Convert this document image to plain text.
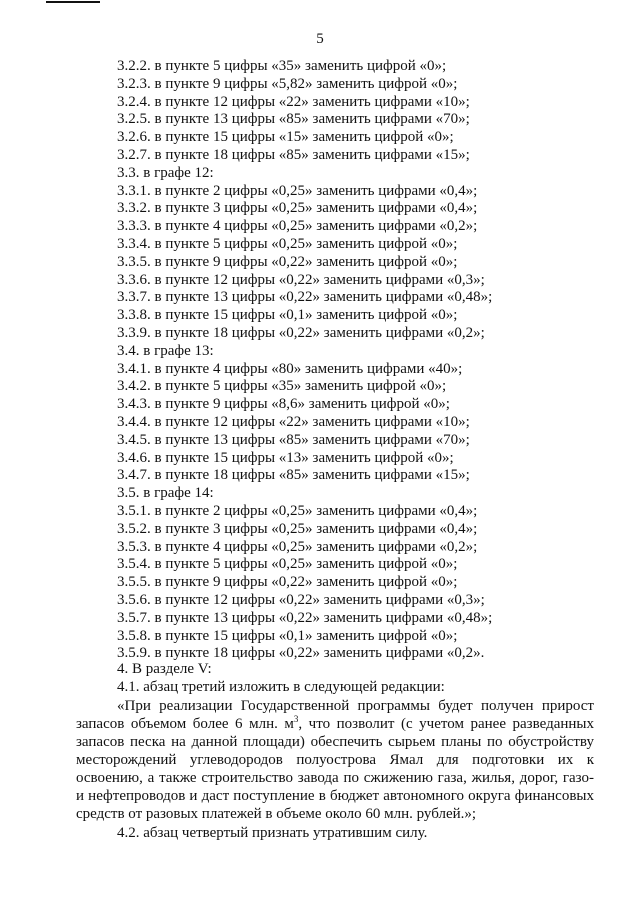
5
3.2.2. в пункте 5 цифры «35» заменить цифрой «0»;
3.2.3. в пункте 9 цифры «5,82» заменить цифрой «0»;
3.2.4. в пункте 12 цифры «22» заменить цифрами «10»;
3.2.5. в пункте 13 цифры «85» заменить цифрами «70»;
3.2.6. в пункте 15 цифры «15» заменить цифрой «0»;
3.2.7. в пункте 18 цифры «85» заменить цифрами «15»;
3.3. в графе 12:
3.3.1. в пункте 2 цифры «0,25» заменить цифрами «0,4»;
3.3.2. в пункте 3 цифры «0,25» заменить цифрами «0,4»;
3.3.3. в пункте 4 цифры «0,25» заменить цифрами «0,2»;
3.3.4. в пункте 5 цифры «0,25» заменить цифрой «0»;
3.3.5. в пункте 9 цифры «0,22» заменить цифрой «0»;
3.3.6. в пункте 12 цифры «0,22» заменить цифрами «0,3»;
3.3.7. в пункте 13 цифры «0,22» заменить цифрами «0,48»;
3.3.8. в пункте 15 цифры «0,1» заменить цифрой «0»;
3.3.9. в пункте 18 цифры «0,22» заменить цифрами «0,2»;
3.4. в графе 13:
3.4.1. в пункте 4 цифры «80» заменить цифрами «40»;
3.4.2. в пункте 5 цифры «35» заменить цифрой «0»;
3.4.3. в пункте 9 цифры «8,6» заменить цифрой «0»;
3.4.4. в пункте 12 цифры «22» заменить цифрами «10»;
3.4.5. в пункте 13 цифры «85» заменить цифрами «70»;
3.4.6. в пункте 15 цифры «13» заменить цифрой «0»;
3.4.7. в пункте 18 цифры «85» заменить цифрами «15»;
3.5. в графе 14:
3.5.1. в пункте 2 цифры «0,25» заменить цифрами «0,4»;
3.5.2. в пункте 3 цифры «0,25» заменить цифрами «0,4»;
3.5.3. в пункте 4 цифры «0,25» заменить цифрами «0,2»;
3.5.4. в пункте 5 цифры «0,25» заменить цифрой «0»;
3.5.5. в пункте 9 цифры «0,22» заменить цифрой «0»;
3.5.6. в пункте 12 цифры «0,22» заменить цифрами «0,3»;
3.5.7. в пункте 13 цифры «0,22» заменить цифрами «0,48»;
3.5.8. в пункте 15 цифры «0,1» заменить цифрой «0»;
3.5.9. в пункте 18 цифры «0,22» заменить цифрами «0,2».
4. В разделе V:
4.1. абзац третий изложить в следующей редакции:

«При реализации Государственной программы будет получен прирост запасов объемом более 6 млн. $м^3$, что позволит (с учетом ранее разведанных запасов песка на данной площади) обеспечить сырьем планы по обустройству месторождений углеводородов полуострова Ямал для подготовки их к освоению, а также строительство завода по сжижению газа, жилья, дорог, газо- и нефтепроводов и даст поступление в бюджет автономного округа финансовых средств от разовых платежей в объеме около 60 млн. рублей.»;

4.2. абзац четвертый признать утратившим силу.
